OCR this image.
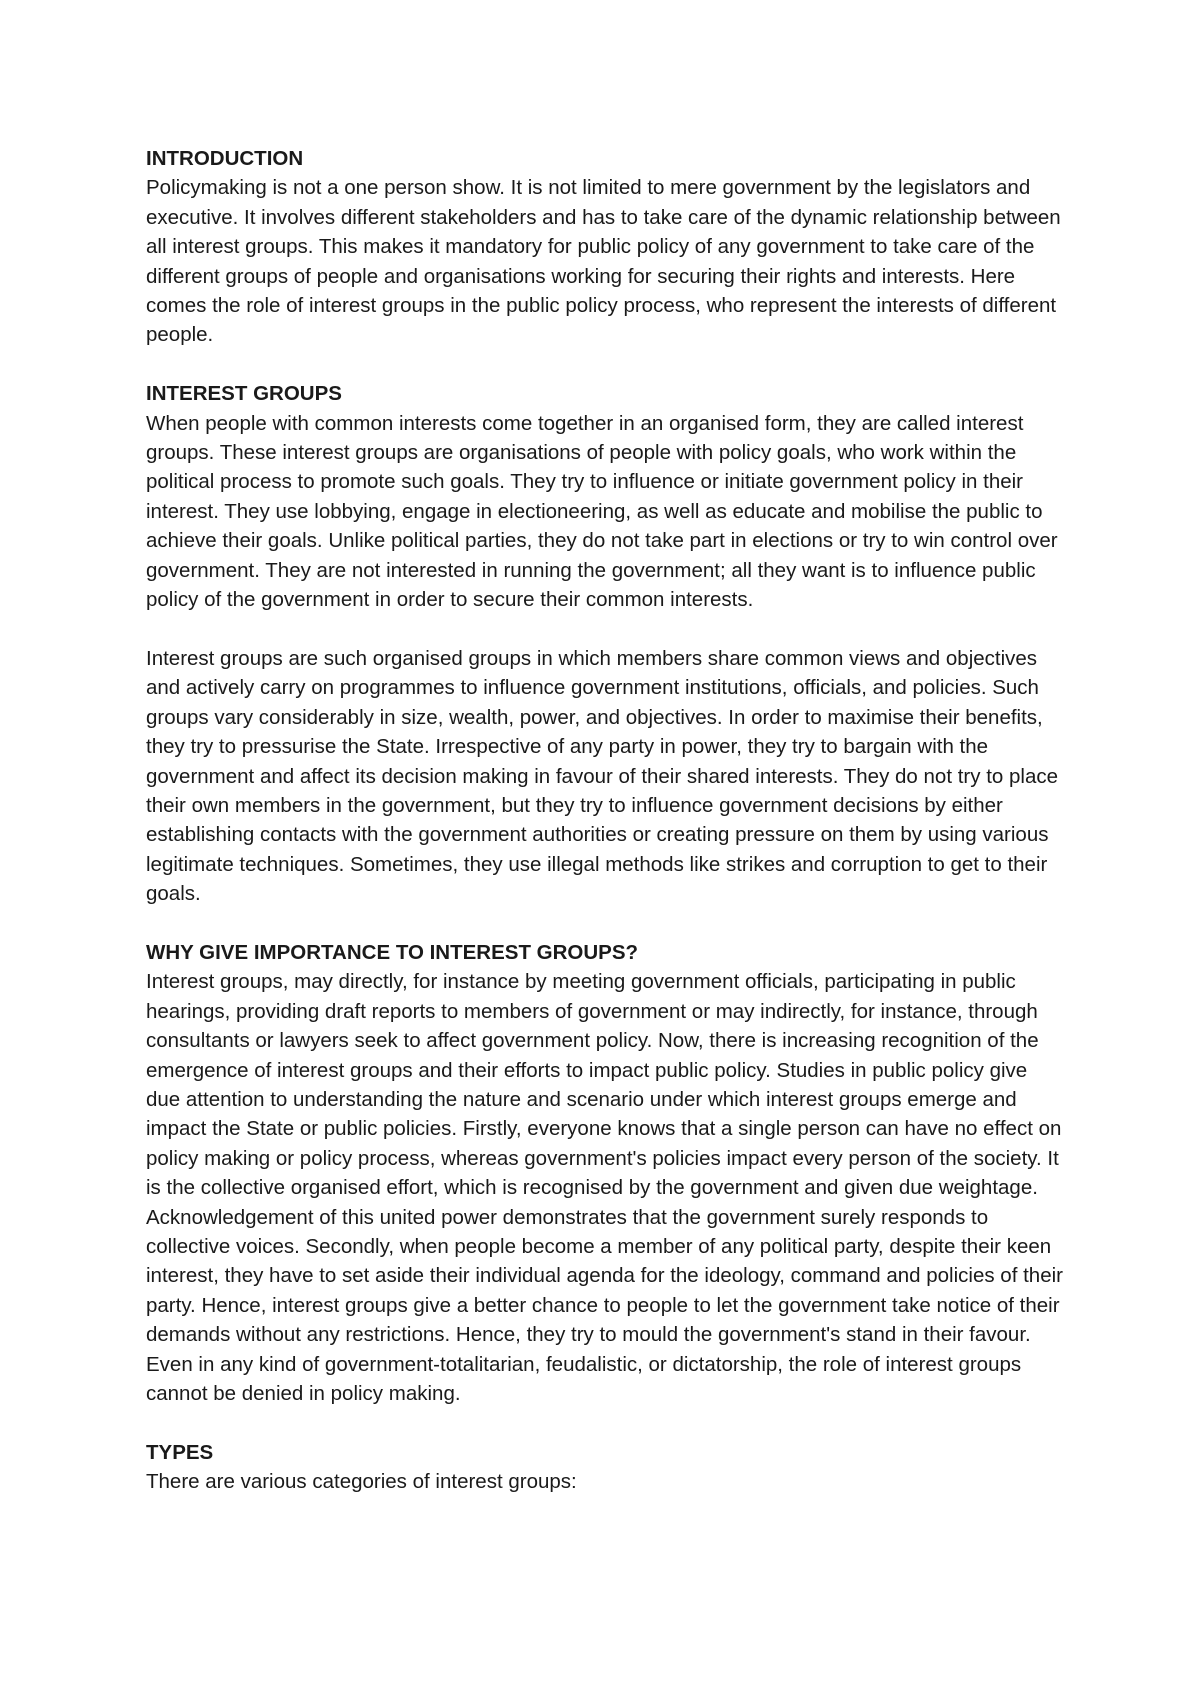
INTRODUCTION

Policymaking is not a one person show. It is not limited to mere government by the legislators and executive. It involves different stakeholders and has to take care of the dynamic relationship between all interest groups. This makes it mandatory for public policy of any government to take care of the different groups of people and organisations working for securing their rights and interests. Here comes the role of interest groups in the public policy process, who represent the interests of different people.

INTEREST GROUPS

When people with common interests come together in an organised form, they are called interest groups. These interest groups are organisations of people with policy goals, who work within the political process to promote such goals. They try to influence or initiate government policy in their interest. They use lobbying, engage in electioneering, as well as educate and mobilise the public to achieve their goals. Unlike political parties, they do not take part in elections or try to win control over government. They are not interested in running the government; all they want is to influence public policy of the government in order to secure their common interests.

Interest groups are such organised groups in which members share common views and objectives and actively carry on programmes to influence government institutions, officials, and policies. Such groups vary considerably in size, wealth, power, and objectives. In order to maximise their benefits, they try to pressurise the State. Irrespective of any party in power, they try to bargain with the government and affect its decision making in favour of their shared interests. They do not try to place their own members in the government, but they try to influence government decisions by either establishing contacts with the government authorities or creating pressure on them by using various legitimate techniques. Sometimes, they use illegal methods like strikes and corruption to get to their goals.

WHY GIVE IMPORTANCE TO INTEREST GROUPS?

Interest groups, may directly, for instance by meeting government officials, participating in public hearings, providing draft reports to members of government or may indirectly, for instance, through consultants or lawyers seek to affect government policy. Now, there is increasing recognition of the emergence of interest groups and their efforts to impact public policy. Studies in public policy give due attention to understanding the nature and scenario under which interest groups emerge and impact the State or public policies. Firstly, everyone knows that a single person can have no effect on policy making or policy process, whereas government's policies impact every person of the society. It is the collective organised effort, which is recognised by the government and given due weightage. Acknowledgement of this united power demonstrates that the government surely responds to collective voices. Secondly, when people become a member of any political party, despite their keen interest, they have to set aside their individual agenda for the ideology, command and policies of their party. Hence, interest groups give a better chance to people to let the government take notice of their demands without any restrictions. Hence, they try to mould the government's stand in their favour. Even in any kind of government-totalitarian, feudalistic, or dictatorship, the role of interest groups cannot be denied in policy making.

TYPES

There are various categories of interest groups:
